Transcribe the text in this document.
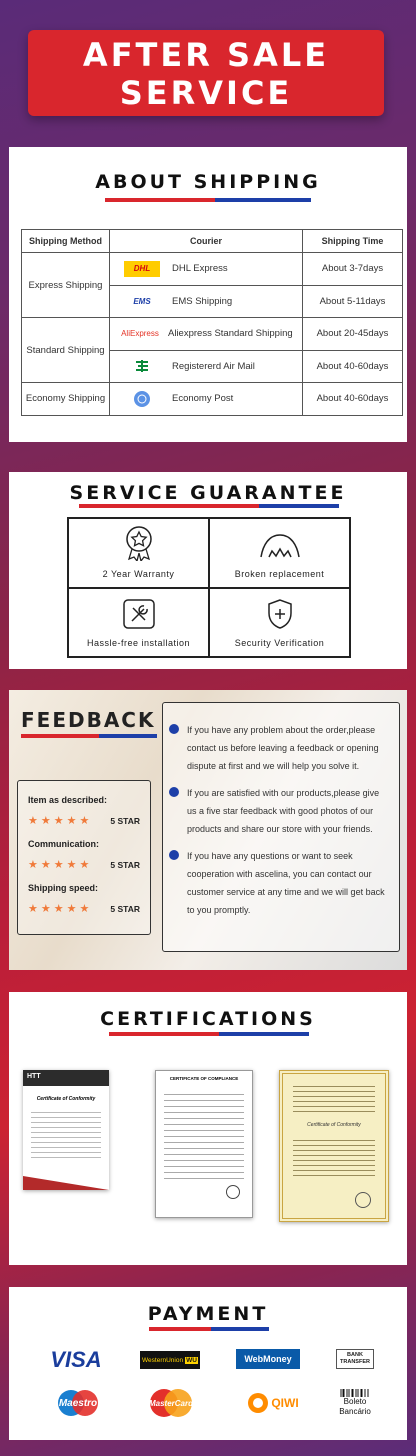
AFTER SALE
SERVICE
ABOUT SHIPPING
Shipping Method	Courier	Shipping Time
Express Shipping	DHL DHL Express	About 3-7days

EMS EMS Shipping	About 5-11days
Standard Shipping	AliExpress Aliexpress Standard Shipping	About 20-45days

	Registererd Air Mail	About 40-60days
Economy Shipping	Economy Post	About 40-60days
SERVICE GUARANTEE
2 Year Warranty	Broken replacement
Hassle-free installation	Security Verification
FEEDBACK
Item as described:
★★★★★ 5 STAR
Communication:
★★★★★ 5 STAR
Shipping speed:
★★★★★ 5 STAR
If you have any problem about the order,please contact us before leaving a feedback or opening dispute at first and we will help you solve it.
If you are satisfied with our products,please give us a five star feedback with good photos of our products and share our store with your friends.
If you have any questions or want to seek cooperation with ascelina, you can contact our customer service at any time and we will get back to you promptly.
CERTIFICATIONS
HTT
Certificate of Conformity
CERTIFICATE OF COMPLIANCE
Certificate of Conformity
PAYMENT
VISA	WesternUnion WU	WebMoney	BANK
TRANSFER
Maestro	MasterCard	QIWI	Boleto
Bancário
